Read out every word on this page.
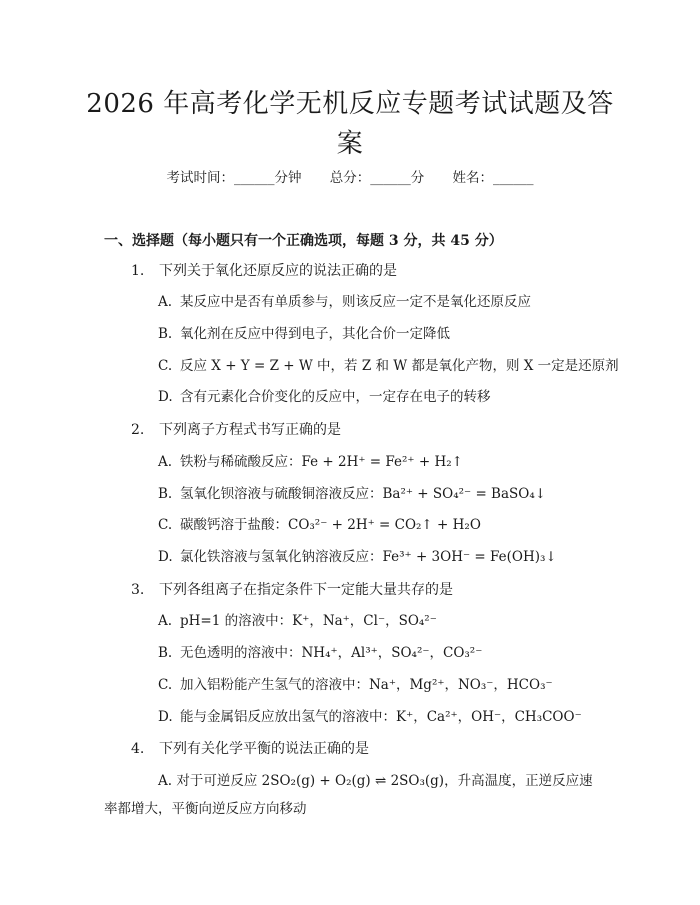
2026 年高考化学无机反应专题考试试题及答案
考试时间：______分钟 总分：______分 姓名：______
一、选择题（每小题只有一个正确选项，每题 3 分，共 45 分）
1. 下列关于氧化还原反应的说法正确的是
A. 某反应中是否有单质参与，则该反应一定不是氧化还原反应
B. 氧化剂在反应中得到电子，其化合价一定降低
C. 反应 X + Y = Z + W 中，若 Z 和 W 都是氧化产物，则 X 一定是还原剂
D. 含有元素化合价变化的反应中，一定存在电子的转移
2. 下列离子方程式书写正确的是
A. 铁粉与稀硫酸反应：Fe + 2H⁺ = Fe²⁺ + H₂↑
B. 氢氧化钡溶液与硫酸铜溶液反应：Ba²⁺ + SO₄²⁻ = BaSO₄↓
C. 碳酸钙溶于盐酸：CO₃²⁻ + 2H⁺ = CO₂↑ + H₂O
D. 氯化铁溶液与氢氧化钠溶液反应：Fe³⁺ + 3OH⁻ = Fe(OH)₃↓
3. 下列各组离子在指定条件下一定能大量共存的是
A. pH=1 的溶液中：K⁺，Na⁺，Cl⁻，SO₄²⁻
B. 无色透明的溶液中：NH₄⁺，Al³⁺，SO₄²⁻，CO₃²⁻
C. 加入铝粉能产生氢气的溶液中：Na⁺，Mg²⁺，NO₃⁻，HCO₃⁻
D. 能与金属铝反应放出氢气的溶液中：K⁺，Ca²⁺，OH⁻，CH₃COO⁻
4. 下列有关化学平衡的说法正确的是
A. 对于可逆反应 2SO₂(g) + O₂(g) ⇌ 2SO₃(g)，升高温度，正逆反应速率都增大，平衡向逆反应方向移动
